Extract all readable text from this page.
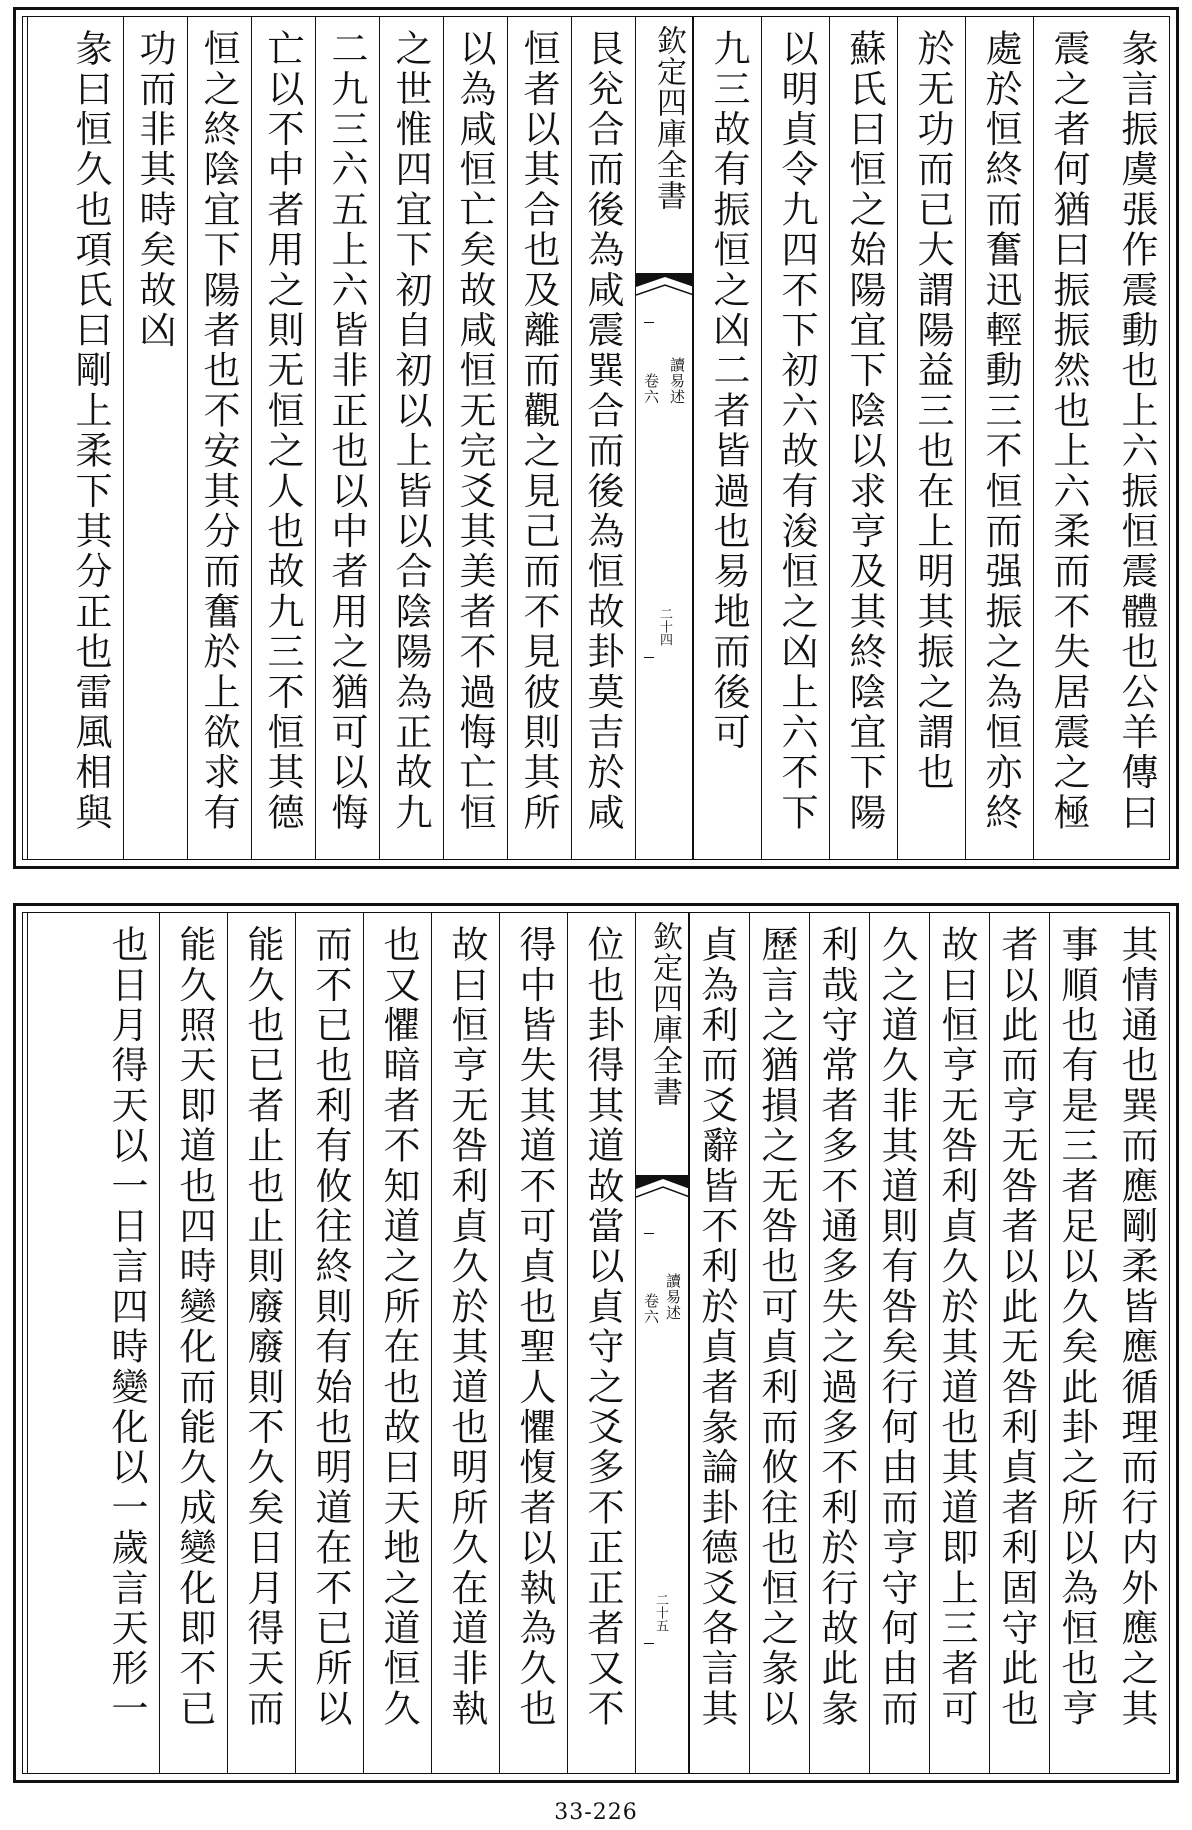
彖言振虞張作震動也上六振恒震體也公羊傳曰
震之者何猶曰振振然也上六柔而不失居震之極
處於恒終而奮迅輕動三不恒而强振之為恒亦終
於无功而已大謂陽益三也在上明其振之謂也
蘇氏曰恒之始陽宜下陰以求亨及其終陰宜下陽
以明貞令九四不下初六故有浚恒之凶上六不下
九三故有振恒之凶二者皆過也易地而後可
欽定四庫全書
讀易述
卷六
二十四
艮兊合而後為咸震巽合而後為恒故卦莫吉於咸
恒者以其合也及離而觀之見己而不見彼則其所
以為咸恒亡矣故咸恒无完爻其美者不過悔亡恒
之世惟四宜下初自初以上皆以合陰陽為正故九
二九三六五上六皆非正也以中者用之猶可以悔
亡以不中者用之則无恒之人也故九三不恒其德
恒之終陰宜下陽者也不安其分而奮於上欲求有
功而非其時矣故凶
彖曰恒久也項氏曰剛上柔下其分正也雷風相與
其情通也巽而應剛柔皆應循理而行内外應之其
事順也有是三者足以久矣此卦之所以為恒也亨
者以此而亨无咎者以此无咎利貞者利固守此也
故曰恒亨无咎利貞久於其道也其道即上三者可
久之道久非其道則有咎矣行何由而亨守何由而
利哉守常者多不通多失之過多不利於行故此彖
歷言之猶損之无咎也可貞利而攸往也恒之彖以
貞為利而爻辭皆不利於貞者彖論卦德爻各言其
欽定四庫全書
讀易述
卷六
二十五
位也卦得其道故當以貞守之爻多不正正者又不
得中皆失其道不可貞也聖人懼愎者以執為久也
故曰恒亨无咎利貞久於其道也明所久在道非執
也又懼暗者不知道之所在也故曰天地之道恒久
而不已也利有攸往終則有始也明道在不已所以
能久也已者止也止則廢廢則不久矣日月得天而
能久照天即道也四時變化而能久成變化即不已
也日月得天以一日言四時變化以一歲言天形一
33-226
